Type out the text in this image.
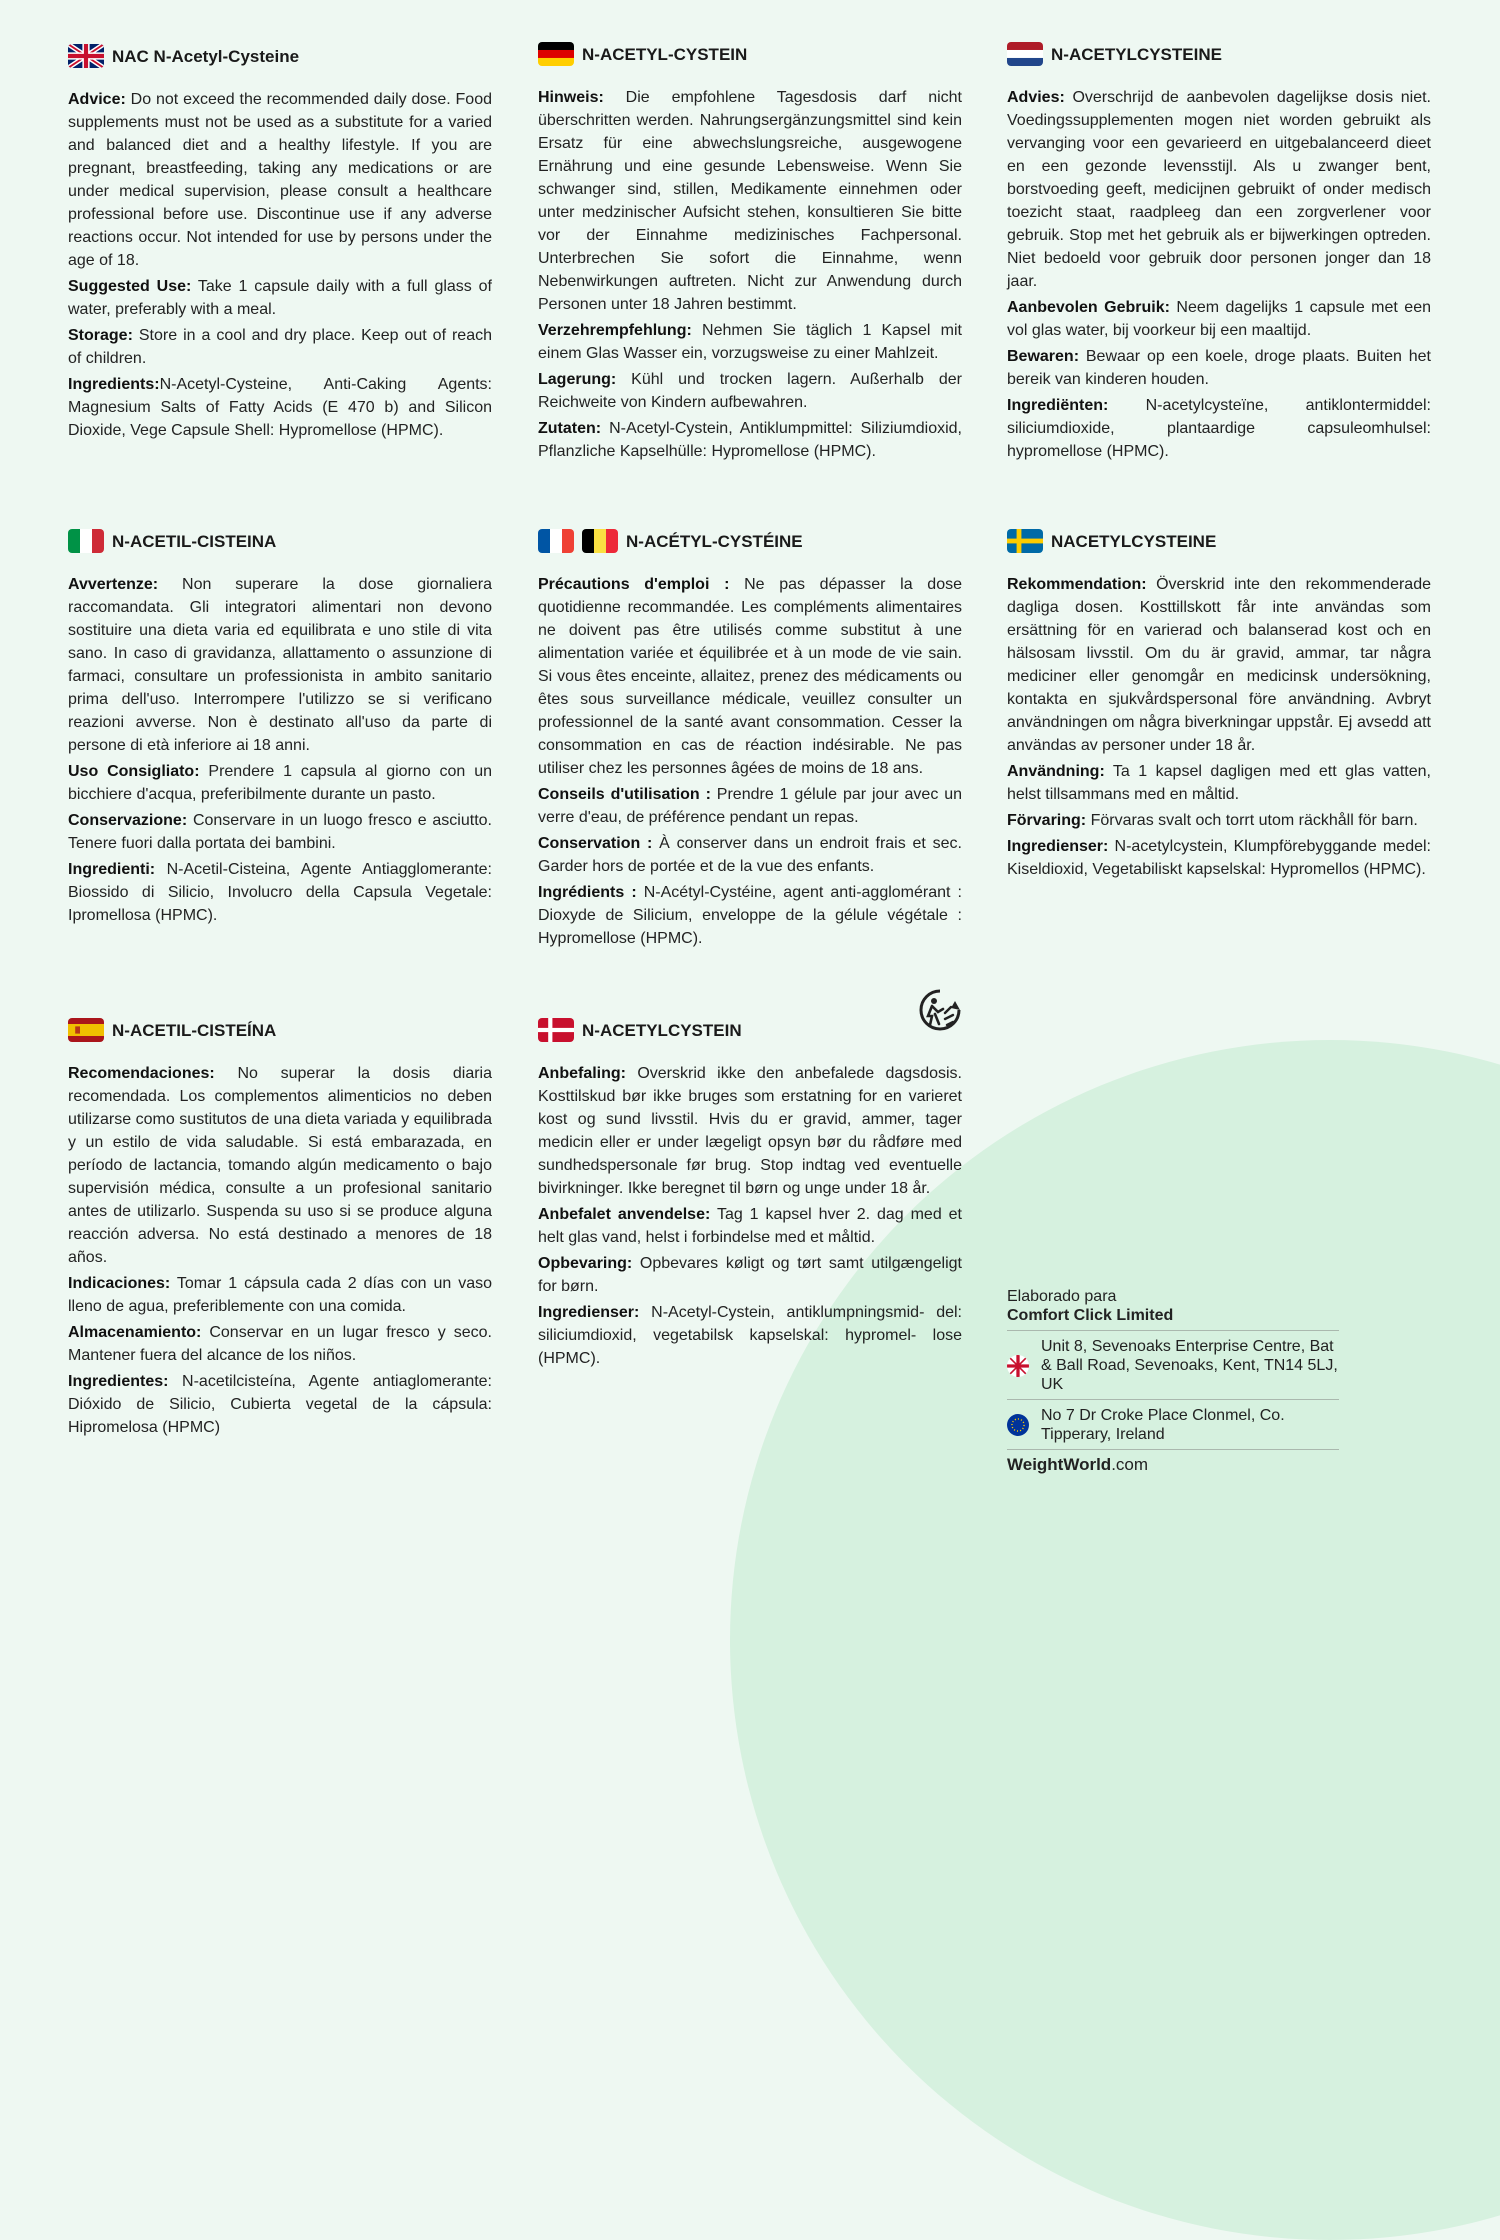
NAC N-Acetyl-Cysteine

Advice: Do not exceed the recommended daily dose. Food supplements must not be used as a substitute for a varied and balanced diet and a healthy lifestyle. If you are pregnant, breastfeeding, taking any medications or are under medical supervision, please consult a healthcare professional before use. Discontinue use if any adverse reactions occur. Not intended for use by persons under the age of 18.

Suggested Use: Take 1 capsule daily with a full glass of water, preferably with a meal.

Storage: Store in a cool and dry place. Keep out of reach of children.

Ingredients:N-Acetyl-Cysteine, Anti-Caking Agents: Magnesium Salts of Fatty Acids (E 470 b) and Silicon Dioxide, Vege Capsule Shell: Hypromellose (HPMC).

N-ACETYL-CYSTEIN

Hinweis: Die empfohlene Tagesdosis darf nicht überschritten werden. Nahrungsergänzungsmittel sind kein Ersatz für eine abwechslungsreiche, ausgewogene Ernährung und eine gesunde Lebensweise. Wenn Sie schwanger sind, stillen, Medikamente einnehmen oder unter medzinischer Aufsicht stehen, konsultieren Sie bitte vor der Einnahme medizinisches Fachpersonal. Unterbrechen Sie sofort die Einnahme, wenn Nebenwirkungen auftreten. Nicht zur Anwendung durch Personen unter 18 Jahren bestimmt.

Verzehrempfehlung: Nehmen Sie täglich 1 Kapsel mit einem Glas Wasser ein, vorzugsweise zu einer Mahlzeit.

Lagerung: Kühl und trocken lagern. Außerhalb der Reichweite von Kindern aufbewahren.

Zutaten: N-Acetyl-Cystein, Antiklumpmittel: Siliziumdioxid, Pflanzliche Kapselhülle: Hypromellose (HPMC).

N-ACETYLCYSTEINE

Advies: Overschrijd de aanbevolen dagelijkse dosis niet. Voedingssupplementen mogen niet worden gebruikt als vervanging voor een gevarieerd en uitgebalanceerd dieet en een gezonde levensstijl. Als u zwanger bent, borstvoeding geeft, medicijnen gebruikt of onder medisch toezicht staat, raadpleeg dan een zorgverlener voor gebruik. Stop met het gebruik als er bijwerkingen optreden. Niet bedoeld voor gebruik door personen jonger dan 18 jaar.

Aanbevolen Gebruik: Neem dagelijks 1 capsule met een vol glas water, bij voorkeur bij een maaltijd.

Bewaren: Bewaar op een koele, droge plaats. Buiten het bereik van kinderen houden.

Ingrediënten: N-acetylcysteïne, antiklontermiddel: siliciumdioxide, plantaardige capsuleomhulsel: hypromellose (HPMC).

N-ACETIL-CISTEINA

Avvertenze: Non superare la dose giornaliera raccomandata. Gli integratori alimentari non devono sostituire una dieta varia ed equilibrata e uno stile di vita sano. In caso di gravidanza, allattamento o assunzione di farmaci, consultare un professionista in ambito sanitario prima dell'uso. Interrompere l'utilizzo se si verificano reazioni avverse. Non è destinato all'uso da parte di persone di età inferiore ai 18 anni.

Uso Consigliato: Prendere 1 capsula al giorno con un bicchiere d'acqua, preferibilmente durante un pasto.

Conservazione: Conservare in un luogo fresco e asciutto. Tenere fuori dalla portata dei bambini.

Ingredienti: N-Acetil-Cisteina, Agente Antiagglomerante: Biossido di Silicio, Involucro della Capsula Vegetale: Ipromellosa (HPMC).

N-ACÉTYL-CYSTÉINE

Précautions d'emploi : Ne pas dépasser la dose quotidienne recommandée. Les compléments alimentaires ne doivent pas être utilisés comme substitut à une alimentation variée et équilibrée et à un mode de vie sain. Si vous êtes enceinte, allaitez, prenez des médicaments ou êtes sous surveillance médicale, veuillez consulter un professionnel de la santé avant consommation. Cesser la consommation en cas de réaction indésirable. Ne pas utiliser chez les personnes âgées de moins de 18 ans.

Conseils d'utilisation : Prendre 1 gélule par jour avec un verre d'eau, de préférence pendant un repas.

Conservation : À conserver dans un endroit frais et sec. Garder hors de portée et de la vue des enfants.

Ingrédients : N-Acétyl-Cystéine, agent anti-agglomérant : Dioxyde de Silicium, enveloppe de la gélule végétale : Hypromellose (HPMC).

NACETYLCYSTEINE

Rekommendation: Överskrid inte den rekommenderade dagliga dosen. Kosttillskott får inte användas som ersättning för en varierad och balanserad kost och en hälsosam livsstil. Om du är gravid, ammar, tar några mediciner eller genomgår en medicinsk undersökning, kontakta en sjukvårdspersonal före användning. Avbryt användningen om några biverkningar uppstår. Ej avsedd att användas av personer under 18 år.

Användning: Ta 1 kapsel dagligen med ett glas vatten, helst tillsammans med en måltid.

Förvaring: Förvaras svalt och torrt utom räckhåll för barn.

Ingredienser: N-acetylcystein, Klumpförebyggande medel: Kiseldioxid, Vegetabiliskt kapselskal: Hypromellos (HPMC).

N-ACETIL-CISTEÍNA

Recomendaciones: No superar la dosis diaria recomendada. Los complementos alimenticios no deben utilizarse como sustitutos de una dieta variada y equilibrada y un estilo de vida saludable. Si está embarazada, en período de lactancia, tomando algún medicamento o bajo supervisión médica, consulte a un profesional sanitario antes de utilizarlo. Suspenda su uso si se produce alguna reacción adversa. No está destinado a menores de 18 años.

Indicaciones: Tomar 1 cápsula cada 2 días con un vaso lleno de agua, preferiblemente con una comida.

Almacenamiento: Conservar en un lugar fresco y seco. Mantener fuera del alcance de los niños.

Ingredientes: N-acetilcisteína, Agente antiaglomerante: Dióxido de Silicio, Cubierta vegetal de la cápsula: Hipromelosa (HPMC)

N-ACETYLCYSTEIN

Anbefaling: Overskrid ikke den anbefalede dagsdosis. Kosttilskud bør ikke bruges som erstatning for en varieret kost og sund livsstil. Hvis du er gravid, ammer, tager medicin eller er under lægeligt opsyn bør du rådføre med sundhedspersonale før brug. Stop indtag ved eventuelle bivirkninger. Ikke beregnet til børn og unge under 18 år.

Anbefalet anvendelse: Tag 1 kapsel hver 2. dag med et helt glas vand, helst i forbindelse med et måltid.

Opbevaring: Opbevares køligt og tørt samt utilgængeligt for børn.

Ingredienser: N-Acetyl-Cystein, antiklumpningsmid- del: siliciumdioxid, vegetabilsk kapselskal: hypromel- lose (HPMC).

Elaborado para
Comfort Click Limited
Unit 8, Sevenoaks Enterprise Centre, Bat & Ball Road, Sevenoaks, Kent, TN14 5LJ, UK
No 7 Dr Croke Place Clonmel, Co. Tipperary, Ireland
WeightWorld.com
